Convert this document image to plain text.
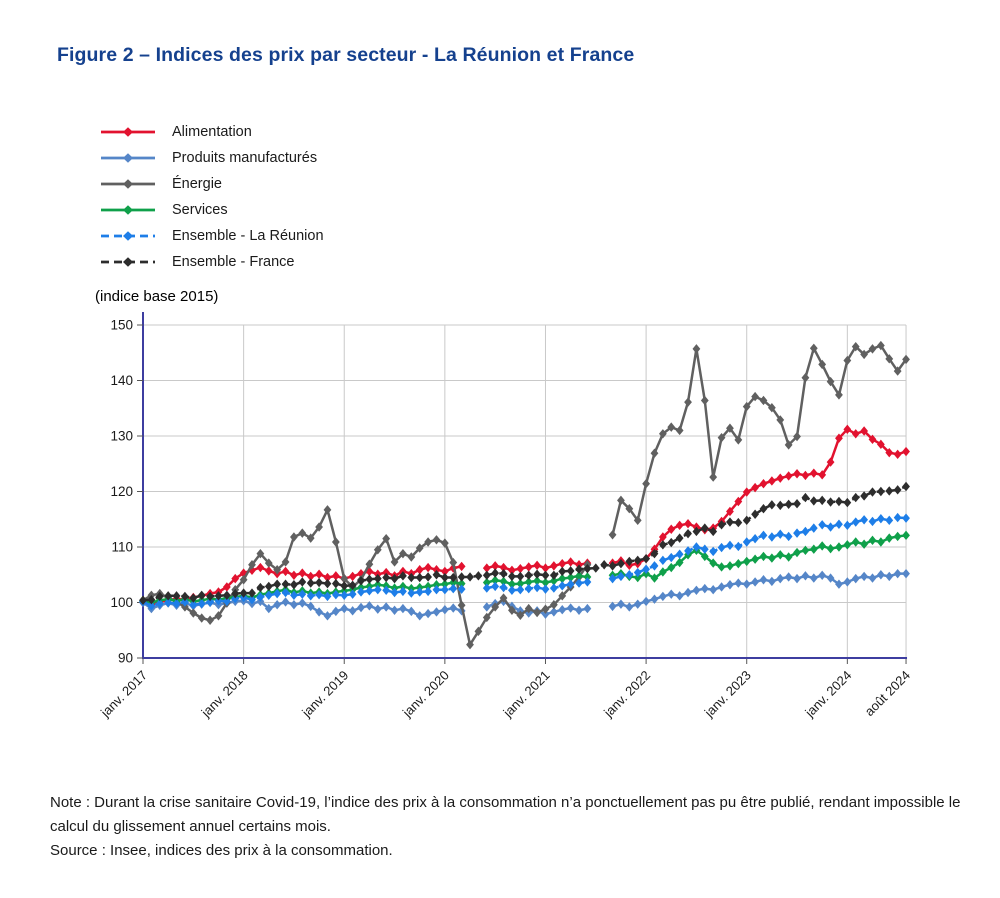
Figure 2 – Indices des prix par secteur - La Réunion et France
Alimentation
Produits manufacturés
Énergie
Services
Ensemble - La Réunion
Ensemble - France
(indice base 2015)
90
100
110
120
130
140
150
janv. 2017	janv. 2018	janv. 2019	janv. 2020	janv. 2021	janv. 2022	janv. 2023	janv. 2024 août 2024

Note : Durant la crise sanitaire Covid-19, l’indice des prix à la consommation n’a ponctuellement pas pu être publié, rendant impossible le calcul du glissement annuel certains mois.

Source : Insee, indices des prix à la consommation.
